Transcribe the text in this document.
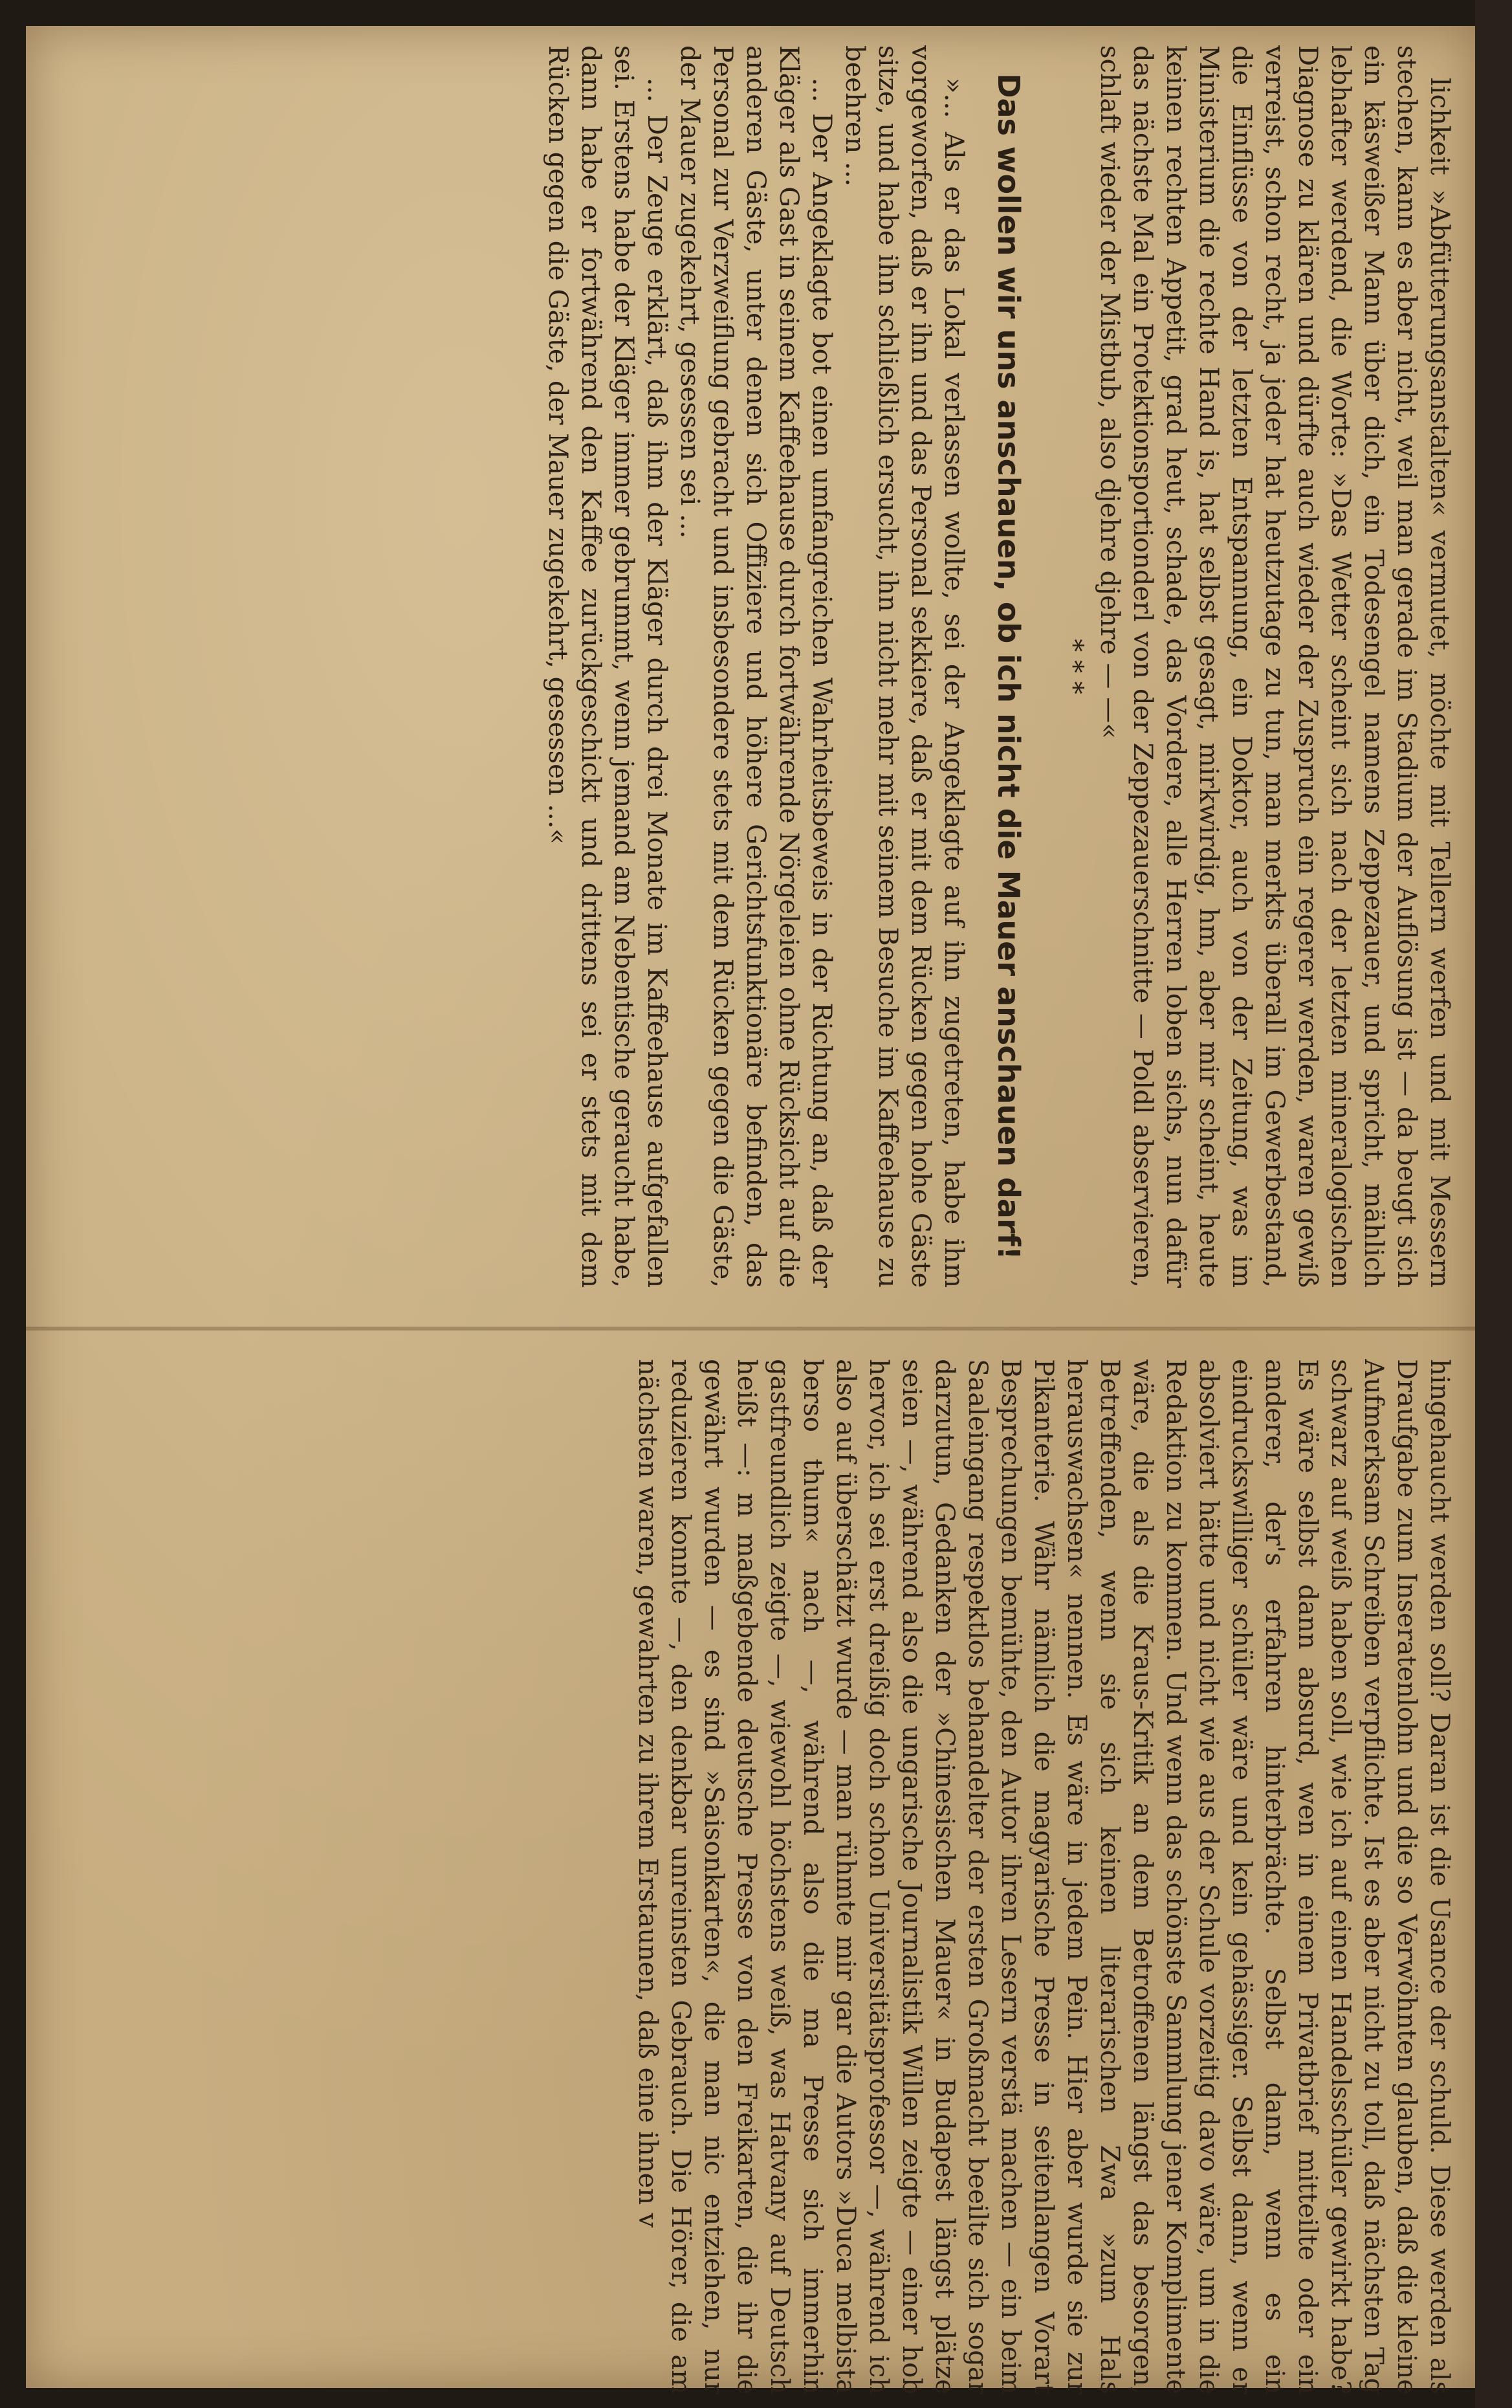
lichkeit »Abfütterungsanstalten« vermutet, möchte mit Tellern werfen und mit Messern stechen, kann es aber nicht, weil man gerade im Stadium der Auflösung ist — da beugt sich ein käsweißer Mann über dich, ein Todesengel namens Zeppezauer, und spricht, mählich lebhafter werdend, die Worte: »Das Wetter scheint sich nach der letzten mineralogischen Diagnose zu klären und dürfte auch wieder der Zuspruch ein regerer werden, waren gewiß verreist, schon recht, ja jeder hat heutzutage zu tun, man merkts überall im Gewerbestand, die Einflüsse von der letzten Entspannung, ein Doktor, auch von der Zeitung, was im Ministerium die rechte Hand is, hat selbst gesagt, mirkwirdig, hm, aber mir scheint, heute keinen rechten Appetit, grad heut, schade, das Vordere, alle Herren loben sichs, nun dafür das nächste Mal ein Protektionsportionderl von der Zeppezauerschnitte — Poldl abservieren, schlaft wieder der Mistbub, also djehre djehre — —«

* * *

Das wollen wir uns anschauen, ob ich nicht die Mauer anschauen darf!

»... Als er das Lokal verlassen wollte, sei der Angeklagte auf ihn zugetreten, habe ihm vorgeworfen, daß er ihn und das Personal sekkiere, daß er mit dem Rücken gegen hohe Gäste sitze, und habe ihn schließlich ersucht, ihn nicht mehr mit seinem Besuche im Kaffeehause zu beehren ...

... Der Angeklagte bot einen umfangreichen Wahrheitsbeweis in der Richtung an, daß der Kläger als Gast in seinem Kaffeehause durch fortwährende Nörgeleien ohne Rücksicht auf die anderen Gäste, unter denen sich Offiziere und höhere Gerichtsfunktionäre befinden, das Personal zur Verzweiflung gebracht und insbesondere stets mit dem Rücken gegen die Gäste, der Mauer zugekehrt, gesessen sei ...

... Der Zeuge erklärt, daß ihm der Kläger durch drei Monate im Kaffeehause aufgefallen sei. Erstens habe der Kläger immer gebrummt, wenn jemand am Nebentische geraucht habe, dann habe er fortwährend den Kaffee zurückgeschickt und drittens sei er stets mit dem Rücken gegen die Gäste, der Mauer zugekehrt, gesessen ...«

hingehaucht werden soll? Daran ist die Usance der schuld. Diese werden als Draufgabe zum Inseratenlohn und die so Verwöhnten glauben, daß die kleine Aufmerksam Schreiben verpflichte. Ist es aber nicht zu toll, daß nächsten Tag schwarz auf weiß haben soll, wie ich auf einen Handelsschüler gewirkt habe? Es wäre selbst dann absurd, wen in einem Privatbrief mitteilte oder ein anderer, der's erfahren hinterbrächte. Selbst dann, wenn es ein eindruckswilliger schüler wäre und kein gehässiger. Selbst dann, wenn er absolviert hätte und nicht wie aus der Schule vorzeitig davo wäre, um in die Redaktion zu kommen. Und wenn das schönste Sammlung jener Komplimente wäre, die als die Kraus-Kritik an dem Betroffenen längst das besorgen, Betreffenden, wenn sie sich keinen literarischen Zwa »zum Hals herauswachsen« nennen. Es wäre in jedem Pein. Hier aber wurde sie zur Pikanterie. Währ nämlich die magyarische Presse in seitenlangen Vorart Besprechungen bemühte, den Autor ihren Lesern verstä machen — ein beim Saaleingang respektlos behandelter der ersten Großmacht beeilte sich sogar darzutun, Gedanken der »Chinesischen Mauer« in Budapest längst plätze seien —, während also die ungarische Journalistik Willen zeigte — einer hob hervor, ich sei erst dreißig doch schon Universitätsprofessor —, während ich also auf überschätzt wurde — man rühmte mir gar die Autors »Duca melbista berso thum« nach —, während also die ma Presse sich immerhin gastfreundlich zeigte —, wiewohl höchstens weiß, was Hatvany auf Deutsch heißt —: m maßgebende deutsche Presse von den Freikarten, die ihr die gewährt wurden — es sind »Saisonkarten«, die man nic entziehen, nur reduzieren konnte —, den denkbar unreinsten Gebrauch. Die Hörer, die am nächsten waren, gewahrten zu ihrem Erstaunen, daß eine ihnen v
